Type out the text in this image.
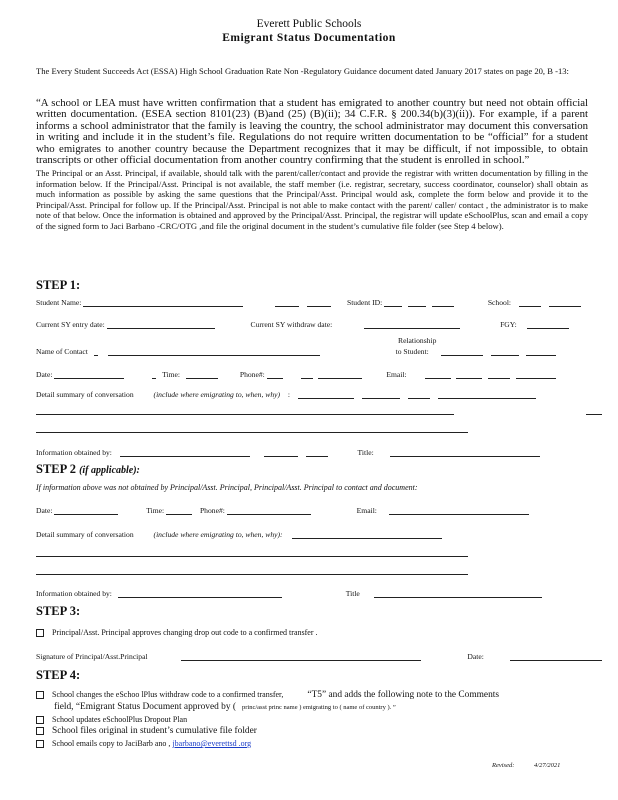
Everett Public Schools
Emigrant Status Documentation
The Every Student Succeeds Act (ESSA) High School Graduation Rate Non -Regulatory Guidance document dated January 2017 states on page 20, B -13:
“A school or LEA must have written confirmation that a student has emigrated to another country but need not obtain official written documentation. (ESEA section 8101(23) (B)and (25) (B)(ii); 34 C.F.R. § 200.34(b)(3)(ii)). For example, if a parent informs a school administrator that the family is leaving the country, the school administrator may document this conversation in writing and include it in the student’s file. Regulations do not require written documentation to be “official” for a student who emigrates to another country because the Department recognizes that it may be difficult, if not impossible, to obtain transcripts or other official documentation from another country confirming that the student is enrolled in school.”
The Principal or an Asst. Principal, if available, should talk with the parent/caller/contact and provide the registrar with written documentation by filling in the information below. If the Principal/Asst. Principal is not available, the staff member (i.e. registrar, secretary, success coordinator, counselor) shall obtain as much information as possible by asking the same questions that the Principal/Asst. Principal would ask, complete the form below and provide it to the Principal/Asst. Principal for follow up. If the Principal/Asst. Principal is not able to make contact with the parent/ caller/ contact , the administrator is to make note of that below. Once the information is obtained and approved by the Principal/Asst. Principal, the registrar will update eSchoolPlus, scan and email a copy of the signed form to Jaci Barbano -CRC/OTG ,and file the original document in the student’s cumulative file folder (see Step 4 below).
STEP 1:
Student Name:	Student ID:	School:
Current SY entry date:	Current SY withdraw date:	FGY:
Relationship
Name of Contact	to Student:
Date:	Time:	Phone#:	Email:
Detail summary of conversation	(include where emigrating to, when, why) :
Information obtained by:	Title:
STEP 2 (if applicable):
If information above was not obtained by Principal/Asst. Principal, Principal/Asst. Principal to contact and document:
Date:	Time:	Phone#:	Email:
Detail summary of conversation	(include where emigrating to, when, why):
Information obtained by:	Title
STEP 3:
Principal/Asst. Principal approves changing drop out code to a confirmed transfer .
Signature of Principal/Asst.Principal	Date:
STEP 4:
School changes the eSchoo lPlus withdraw code to a confirmed transfer,	“T5” and adds the following note to the Comments
field, “Emigrant Status Document approved by ( princ/asst princ name ) emigrating to ( name of country ). ”
School updates eSchoolPlus Dropout Plan
School files original in student’s cumulative file folder
School emails copy to JaciBarb ano , jbarbano@everettsd .org
Revised:	4/27/2021
